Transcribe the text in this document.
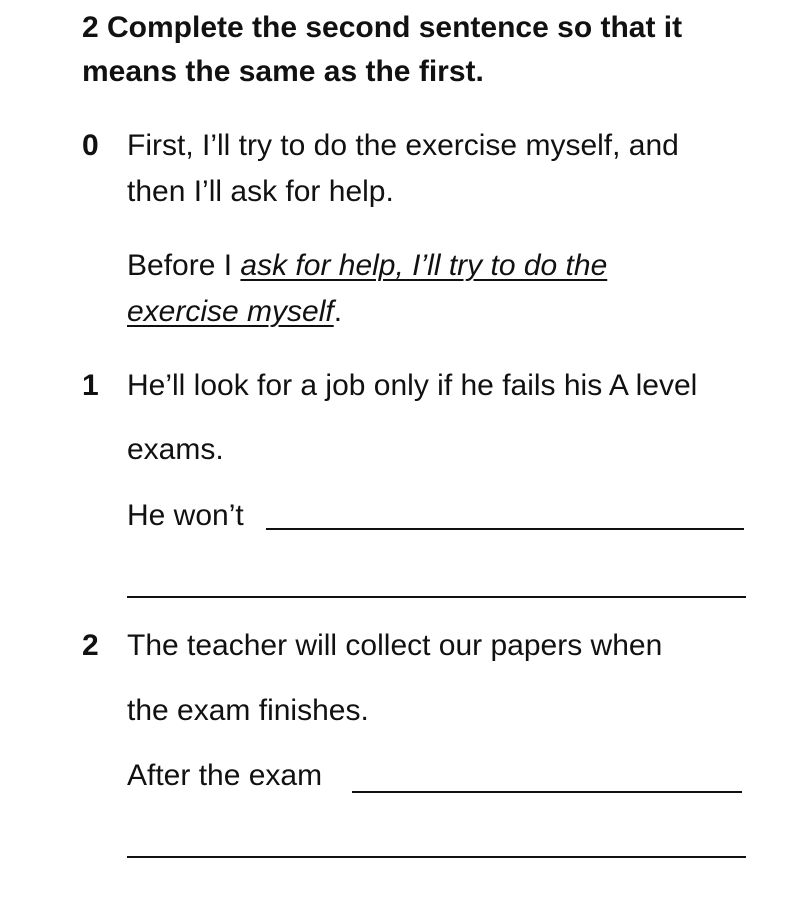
2 Complete the second sentence so that it
means the same as the first.
0 First, I’ll try to do the exercise myself, and
then I’ll ask for help.
Before I ask for help, I’ll try to do the
exercise myself.
1 He’ll look for a job only if he fails his A level
exams.
He won’t
2 The teacher will collect our papers when
the exam finishes.
After the exam
